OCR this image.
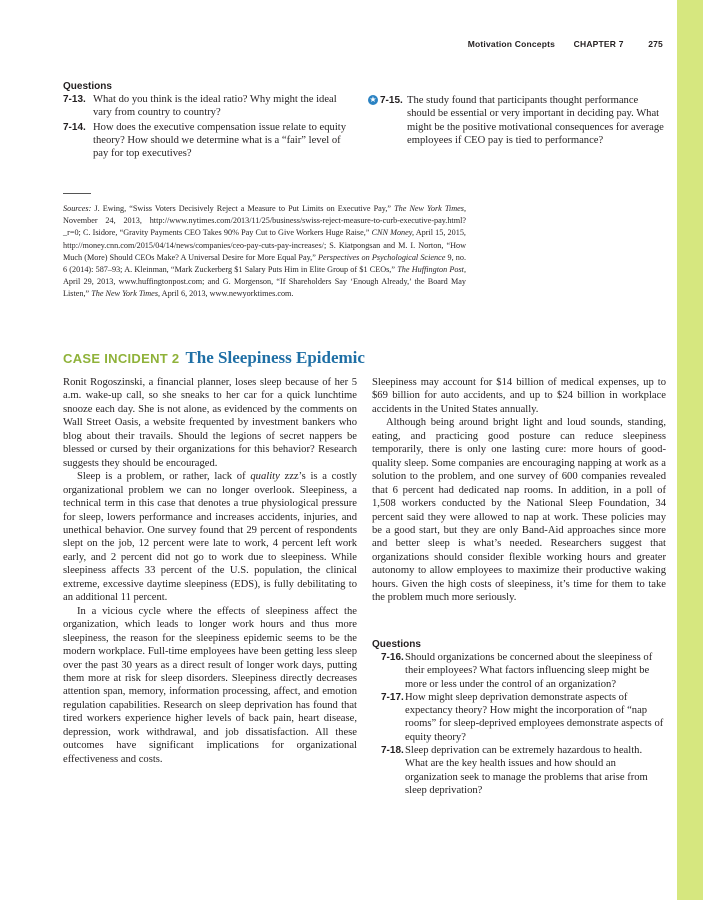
Motivation Concepts CHAPTER 7	275
Questions
7-13. What do you think is the ideal ratio? Why might the ideal vary from country to country?
7-14. How does the executive compensation issue relate to equity theory? How should we determine what is a “fair” level of pay for top executives?
★ 7-15. The study found that participants thought performance should be essential or very important in deciding pay. What might be the positive motivational consequences for average employees if CEO pay is tied to performance?
Sources: J. Ewing, “Swiss Voters Decisively Reject a Measure to Put Limits on Executive Pay,” The New York Times, November 24, 2013, http://www.nytimes.com/2013/11/25/business/swiss-reject-measure-to-curb-executive-pay.html?_r=0; C. Isidore, “Gravity Payments CEO Takes 90% Pay Cut to Give Workers Huge Raise,” CNN Money, April 15, 2015, http://money.cnn.com/2015/04/14/news/companies/ceo-pay-cuts-pay-increases/; S. Kiatpongsan and M. I. Norton, “How Much (More) Should CEOs Make? A Universal Desire for More Equal Pay,” Perspectives on Psychological Science 9, no. 6 (2014): 587–93; A. Kleinman, “Mark Zuckerberg $1 Salary Puts Him in Elite Group of $1 CEOs,” The Huffington Post, April 29, 2013, www.huffingtonpost.com; and G. Morgenson, “If Shareholders Say ‘Enough Already,’ the Board May Listen,” The New York Times, April 6, 2013, www.newyorktimes.com.
CASE INCIDENT 2 The Sleepiness Epidemic

Ronit Rogoszinski, a financial planner, loses sleep because of her 5 a.m. wake-up call, so she sneaks to her car for a quick lunchtime snooze each day. She is not alone, as evidenced by the comments on Wall Street Oasis, a website frequented by investment bankers who blog about their travails. Should the legions of secret nappers be blessed or cursed by their organizations for this behavior? Research suggests they should be encouraged.

Sleep is a problem, or rather, lack of quality zzz’s is a costly organizational problem we can no longer overlook. Sleepiness, a technical term in this case that denotes a true physiological pressure for sleep, lowers performance and increases accidents, injuries, and unethical behavior. One survey found that 29 percent of respondents slept on the job, 12 percent were late to work, 4 percent left work early, and 2 percent did not go to work due to sleepiness. While sleepiness affects 33 percent of the U.S. population, the clinical extreme, excessive daytime sleepiness (EDS), is fully debilitating to an additional 11 percent.

In a vicious cycle where the effects of sleepiness affect the organization, which leads to longer work hours and thus more sleepiness, the reason for the sleepiness epidemic seems to be the modern workplace. Full-time employees have been getting less sleep over the past 30 years as a direct result of longer work days, putting them more at risk for sleep disorders. Sleepiness directly decreases attention span, memory, information processing, affect, and emotion regulation capabilities. Research on sleep deprivation has found that tired workers experience higher levels of back pain, heart disease, depression, work withdrawal, and job dissatisfaction. All these outcomes have significant implications for organizational effectiveness and costs.

Sleepiness may account for $14 billion of medical expenses, up to $69 billion for auto accidents, and up to $24 billion in workplace accidents in the United States annually.

Although being around bright light and loud sounds, standing, eating, and practicing good posture can reduce sleepiness temporarily, there is only one lasting cure: more hours of good-quality sleep. Some companies are encouraging napping at work as a solution to the problem, and one survey of 600 companies revealed that 6 percent had dedicated nap rooms. In addition, in a poll of 1,508 workers conducted by the National Sleep Foundation, 34 percent said they were allowed to nap at work. These policies may be a good start, but they are only Band-Aid approaches since more and better sleep is what’s needed. Researchers suggest that organizations should consider flexible working hours and greater autonomy to allow employees to maximize their productive waking hours. Given the high costs of sleepiness, it’s time for them to take the problem much more seriously.

Questions
7-16. Should organizations be concerned about the sleepiness of their employees? What factors influencing sleep might be more or less under the control of an organization?
7-17. How might sleep deprivation demonstrate aspects of expectancy theory? How might the incorporation of “nap rooms” for sleep-deprived employees demonstrate aspects of equity theory?
7-18. Sleep deprivation can be extremely hazardous to health. What are the key health issues and how should an organization seek to manage the problems that arise from sleep deprivation?
